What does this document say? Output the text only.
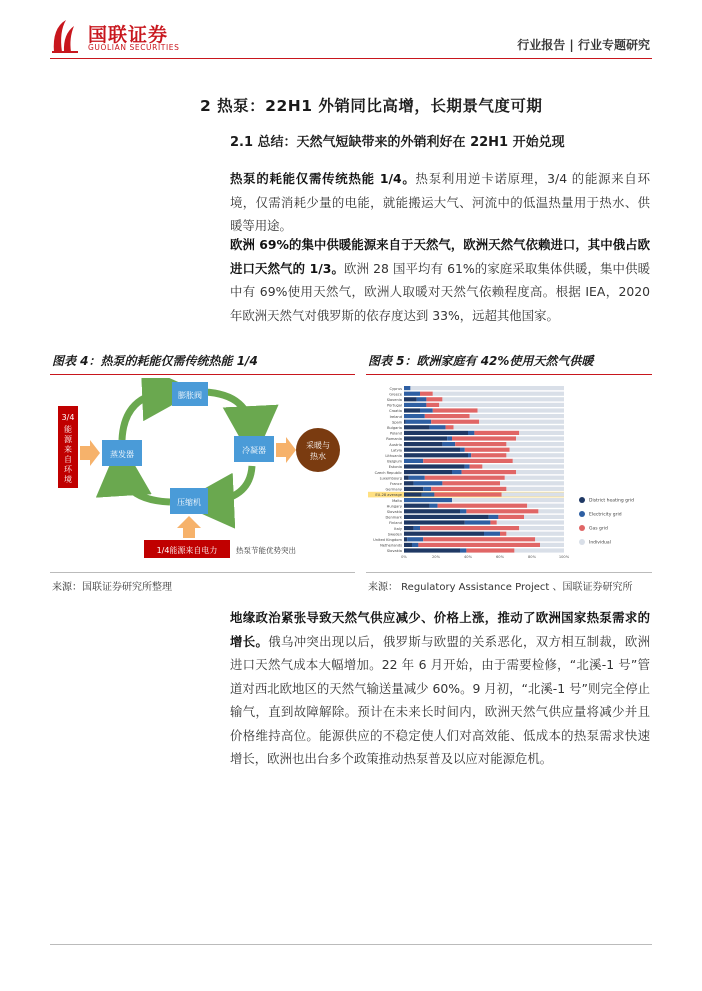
国联证券
GUOLIAN SECURITIES	行业报告 | 行业专题研究
2 热泵：22H1 外销同比高增，长期景气度可期
2.1 总结：天然气短缺带来的外销利好在 22H1 开始兑现
热泵的耗能仅需传统热能 1/4。热泵利用逆卡诺原理，3/4 的能源来自环境，仅需消耗少量的电能，就能搬运大气、河流中的低温热量用于热水、供暖等用途。
欧洲 69%的集中供暖能源来自于天然气，欧洲天然气依赖进口，其中俄占欧进口天然气的 1/3。欧洲 28 国平均有 61%的家庭采取集体供暖，集中供暖中有 69%使用天然气，欧洲人取暖对天然气依赖程度高。根据 IEA，2020 年欧洲天然气对俄罗斯的依存度达到 33%，远超其他国家。
图表 4：热泵的耗能仅需传统热能 1/4
膨胀阀
蒸发器	冷凝器
压缩机
3/4 能源来自环境
采暖与热水
1/4能源来自电力 热泵节能优势突出
来源：国联证券研究所整理
图表 5：欧洲家庭有 42%使用天然气供暖
Cyprus
Greece
Slovenia
Portugal
Croatia
Ireland
Spain
Bulgaria
Poland
Romania
Austria
Latvia
Lithuania
Belgium
Estonia
Czech Republic
Luxembourg
France
Germany
EU-28 average
Malta
Hungary
Slovakia
Denmark
Finland
Italy
Sweden
United Kingdom
Netherlands
Slovakia
0%	20%	40%	60%	80%	100%
District heating grid
Electricity grid
Gas grid
Individual
来源： Regulatory Assistance Project 、国联证券研究所
地缘政治紧张导致天然气供应减少、价格上涨，推动了欧洲国家热泵需求的增长。俄乌冲突出现以后，俄罗斯与欧盟的关系恶化，双方相互制裁，欧洲进口天然气成本大幅增加。22 年 6 月开始，由于需要检修，“北溪-1 号”管道对西北欧地区的天然气输送量减少 60%。9 月初，“北溪-1 号”则完全停止输气，直到故障解除。预计在未来长时间内，欧洲天然气供应量将减少并且价格维持高位。能源供应的不稳定使人们对高效能、低成本的热泵需求快速增长，欧洲也出台多个政策推动热泵普及以应对能源危机。
